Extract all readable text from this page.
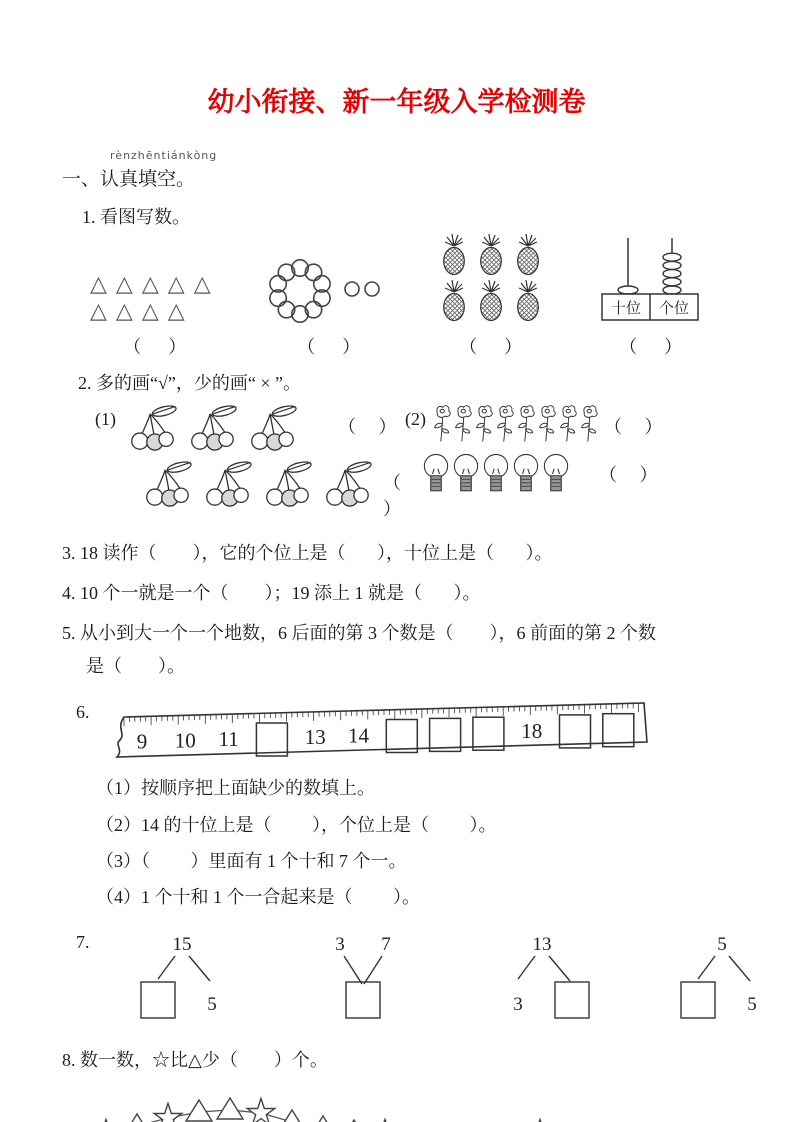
幼小衔接、新一年级入学检测卷
一、
rènzhēntiánkòng
认真填空。
1. 看图写数。
△△△△△
△△△△
（      ）	（      ）	（      ）
十位 个位
（      ）
2. 多的画“√”，少的画“ × ”。
(1)	（     ）
（     ）
(2)	（     ）
（     ）
3. 18 读作（        ），它的个位上是（       ），十位上是（       ）。
4. 10 个一就是一个（        ）；19 添上 1 就是（       ）。
5. 从小到大一个一个地数，6 后面的第 3 个数是（        ），6 前面的第 2 个数
是（        ）。
6.
9 10 11	13 14	18
（1）按顺序把上面缺少的数填上。
（2）14 的十位上是（         ），个位上是（         ）。
（3）（         ）里面有 1 个十和 7 个一。
（4）1 个十和 1 个一合起来是（         ）。
7.	15
5
3 7	13
3
5
5
8. 数一数，☆比△少（        ）个。
